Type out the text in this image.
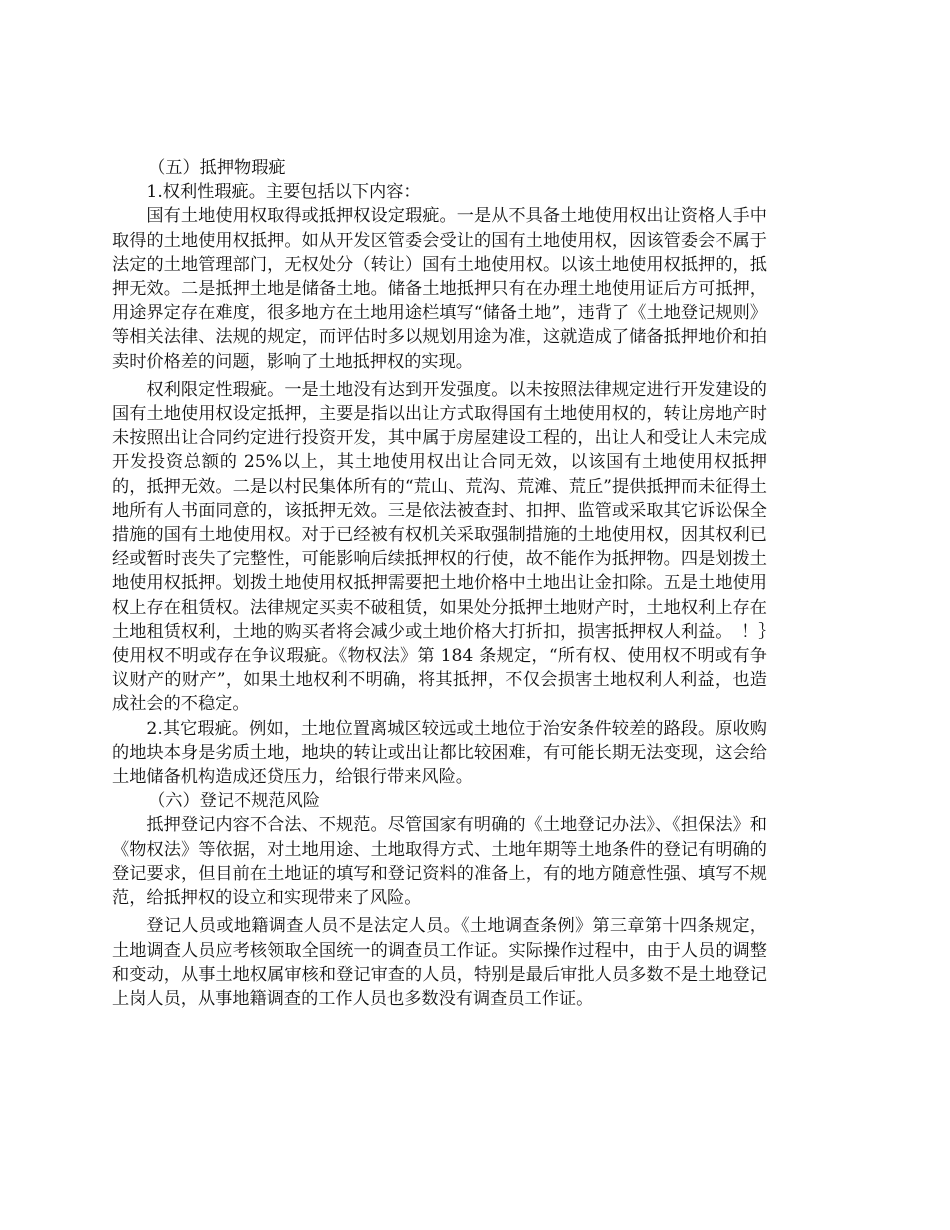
（五）抵押物瑕疵

1.权利性瑕疵。主要包括以下内容：

国有土地使用权取得或抵押权设定瑕疵。一是从不具备土地使用权出让资格人手中取得的土地使用权抵押。如从开发区管委会受让的国有土地使用权，因该管委会不属于法定的土地管理部门，无权处分（转让）国有土地使用权。以该土地使用权抵押的，抵押无效。二是抵押土地是储备土地。储备土地抵押只有在办理土地使用证后方可抵押，用途界定存在难度，很多地方在土地用途栏填写“储备土地”，违背了《土地登记规则》等相关法律、法规的规定，而评估时多以规划用途为准，这就造成了储备抵押地价和拍卖时价格差的问题，影响了土地抵押权的实现。

权利限定性瑕疵。一是土地没有达到开发强度。以未按照法律规定进行开发建设的国有土地使用权设定抵押，主要是指以出让方式取得国有土地使用权的，转让房地产时未按照出让合同约定进行投资开发，其中属于房屋建设工程的，出让人和受让人未完成开发投资总额的 25%以上，其土地使用权出让合同无效，以该国有土地使用权抵押的，抵押无效。二是以村民集体所有的“荒山、荒沟、荒滩、荒丘”提供抵押而未征得土地所有人书面同意的，该抵押无效。三是依法被查封、扣押、监管或采取其它诉讼保全措施的国有土地使用权。对于已经被有权机关采取强制措施的土地使用权，因其权利已经或暂时丧失了完整性，可能影响后续抵押权的行使，故不能作为抵押物。四是划拨土地使用权抵押。划拨土地使用权抵押需要把土地价格中土地出让金扣除。五是土地使用权上存在租赁权。法律规定买卖不破租赁，如果处分抵押土地财产时，土地权利上存在土地租赁权利，土地的购买者将会减少或土地价格大打折扣，损害抵押权人利益。　！｝使用权不明或存在争议瑕疵。《物权法》第 184 条规定，“所有权、使用权不明或有争议财产的财产”，如果土地权利不明确，将其抵押，不仅会损害土地权利人利益，也造成社会的不稳定。

2.其它瑕疵。例如，土地位置离城区较远或土地位于治安条件较差的路段。原收购的地块本身是劣质土地，地块的转让或出让都比较困难，有可能长期无法变现，这会给土地储备机构造成还贷压力，给银行带来风险。

（六）登记不规范风险

抵押登记内容不合法、不规范。尽管国家有明确的《土地登记办法》、《担保法》和《物权法》等依据，对土地用途、土地取得方式、土地年期等土地条件的登记有明确的登记要求，但目前在土地证的填写和登记资料的准备上，有的地方随意性强、填写不规范，给抵押权的设立和实现带来了风险。

登记人员或地籍调查人员不是法定人员。《土地调查条例》第三章第十四条规定，土地调查人员应考核领取全国统一的调查员工作证。实际操作过程中，由于人员的调整和变动，从事土地权属审核和登记审查的人员，特别是最后审批人员多数不是土地登记上岗人员，从事地籍调查的工作人员也多数没有调查员工作证。
